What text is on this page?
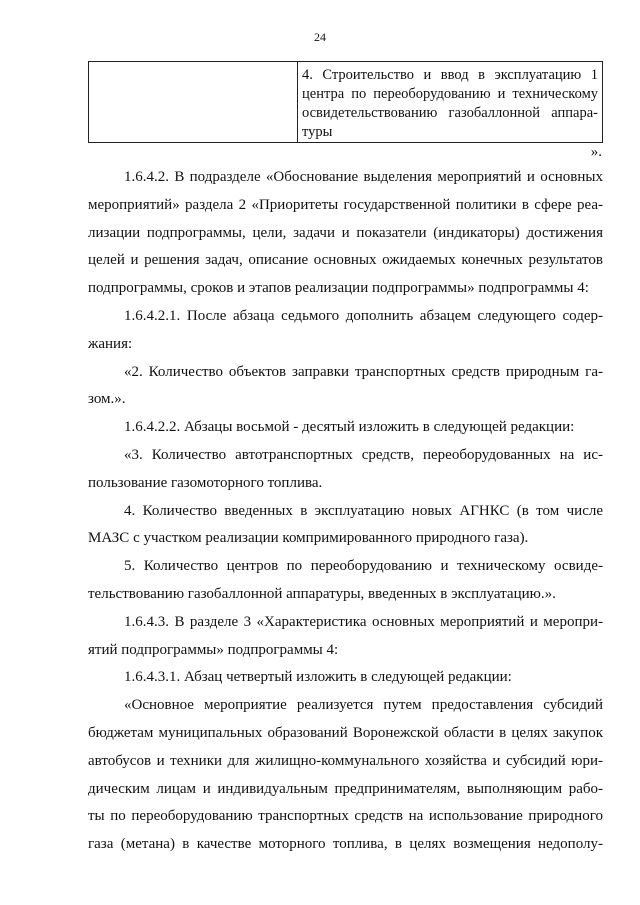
24
4. Строительство и ввод в эксплуатацию 1
центра по переоборудованию и техническому
освидетельствованию газобаллонной аппара-
туры
».
1.6.4.2. В подразделе «Обоснование выделения мероприятий и основных
мероприятий» раздела 2 «Приоритеты государственной политики в сфере реа-
лизации подпрограммы, цели, задачи и показатели (индикаторы) достижения
целей и решения задач, описание основных ожидаемых конечных результатов
подпрограммы, сроков и этапов реализации подпрограммы» подпрограммы 4:
1.6.4.2.1. После абзаца седьмого дополнить абзацем следующего содер-
жания:
«2. Количество объектов заправки транспортных средств природным га-
зом.».
1.6.4.2.2. Абзацы восьмой - десятый изложить в следующей редакции:
«3. Количество автотранспортных средств, переоборудованных на ис-
пользование газомоторного топлива.
4. Количество введенных в эксплуатацию новых АГНКС (в том числе
МАЗС с участком реализации компримированного природного газа).
5. Количество центров по переоборудованию и техническому освиде-
тельствованию газобаллонной аппаратуры, введенных в эксплуатацию.».
1.6.4.3. В разделе 3 «Характеристика основных мероприятий и меропри-
ятий подпрограммы» подпрограммы 4:
1.6.4.3.1. Абзац четвертый изложить в следующей редакции:
«Основное мероприятие реализуется путем предоставления субсидий
бюджетам муниципальных образований Воронежской области в целях закупок
автобусов и техники для жилищно-коммунального хозяйства и субсидий юри-
дическим лицам и индивидуальным предпринимателям, выполняющим рабо-
ты по переоборудованию транспортных средств на использование природного
газа (метана) в качестве моторного топлива, в целях возмещения недополу-
